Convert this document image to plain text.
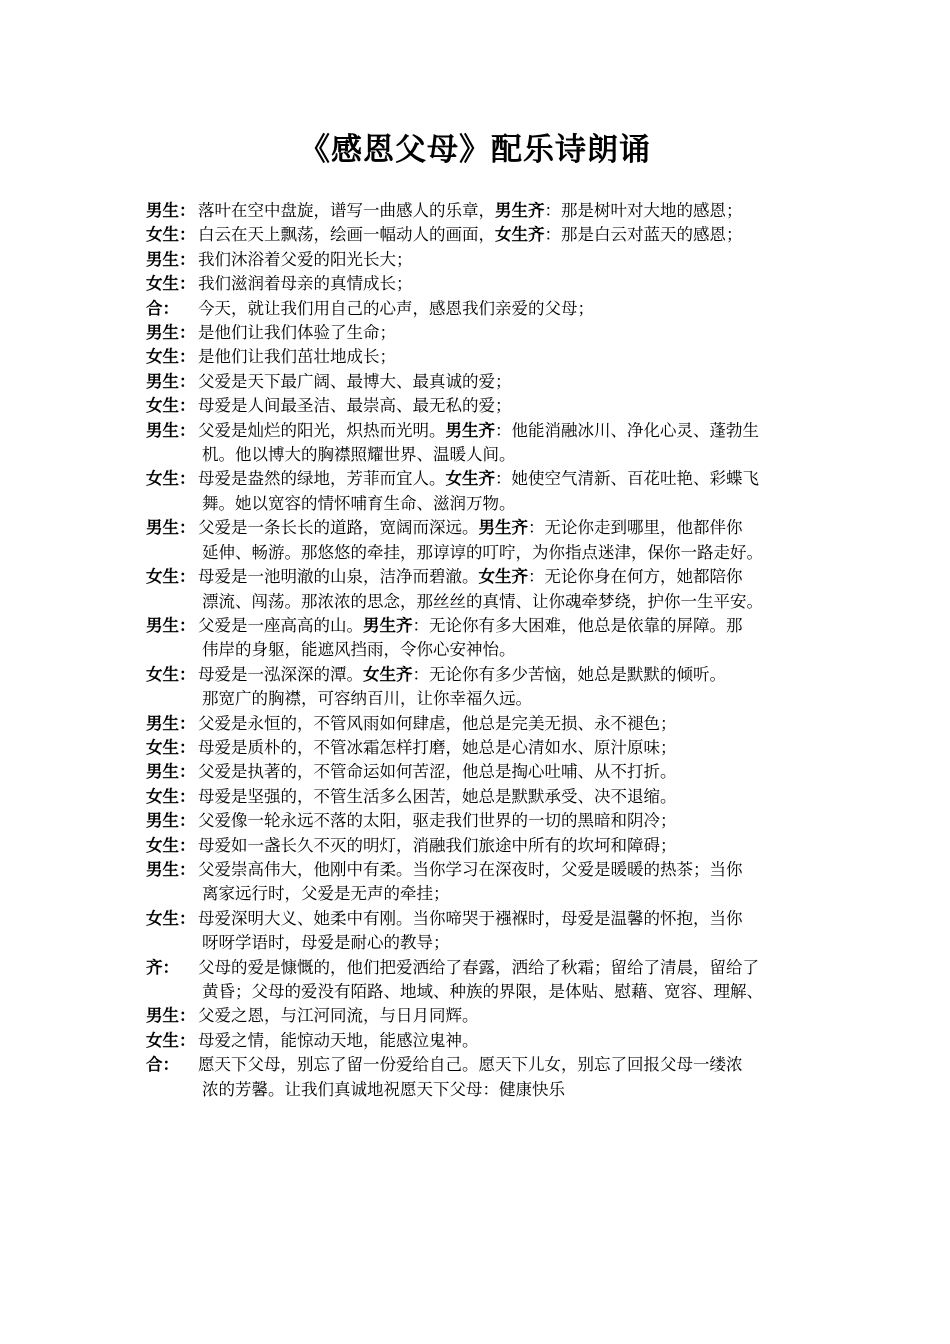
《感恩父母》配乐诗朗诵
男生： 落叶在空中盘旋，谱写一曲感人的乐章，男生齐：那是树叶对大地的感恩；
女生： 白云在天上飘荡，绘画一幅动人的画面，女生齐：那是白云对蓝天的感恩；
男生： 我们沐浴着父爱的阳光长大；
女生： 我们滋润着母亲的真情成长；
合：	今天，就让我们用自己的心声，感恩我们亲爱的父母；
男生： 是他们让我们体验了生命；
女生： 是他们让我们茁壮地成长；
男生： 父爱是天下最广阔、最博大、最真诚的爱；
女生： 母爱是人间最圣洁、最崇高、最无私的爱；
男生： 父爱是灿烂的阳光，炽热而光明。男生齐：他能消融冰川、净化心灵、蓬勃生
机。他以博大的胸襟照耀世界、温暖人间。
女生： 母爱是盎然的绿地，芳菲而宜人。女生齐：她使空气清新、百花吐艳、彩蝶飞
舞。她以宽容的情怀哺育生命、滋润万物。
男生： 父爱是一条长长的道路，宽阔而深远。男生齐：无论你走到哪里，他都伴你
延伸、畅游。那悠悠的牵挂，那谆谆的叮咛，为你指点迷津，保你一路走好。
女生： 母爱是一池明澈的山泉，洁净而碧澈。女生齐：无论你身在何方，她都陪你
漂流、闯荡。那浓浓的思念，那丝丝的真情、让你魂牵梦绕，护你一生平安。
男生： 父爱是一座高高的山。男生齐：无论你有多大困难，他总是依靠的屏障。那
伟岸的身躯，能遮风挡雨，令你心安神怡。
女生： 母爱是一泓深深的潭。女生齐：无论你有多少苦恼，她总是默默的倾听。
那宽广的胸襟，可容纳百川，让你幸福久远。
男生： 父爱是永恒的，不管风雨如何肆虐，他总是完美无损、永不褪色；
女生： 母爱是质朴的，不管冰霜怎样打磨，她总是心清如水、原汁原味；
男生： 父爱是执著的，不管命运如何苦涩，他总是掏心吐哺、从不打折。
女生： 母爱是坚强的，不管生活多么困苦，她总是默默承受、决不退缩。
男生： 父爱像一轮永远不落的太阳，驱走我们世界的一切的黑暗和阴冷；
女生： 母爱如一盏长久不灭的明灯，消融我们旅途中所有的坎坷和障碍；
男生： 父爱崇高伟大，他刚中有柔。当你学习在深夜时，父爱是暖暖的热茶；当你
离家远行时，父爱是无声的牵挂；
女生： 母爱深明大义、她柔中有刚。当你啼哭于襁褓时，母爱是温馨的怀抱，当你
呀呀学语时，母爱是耐心的教导；
齐：	父母的爱是慷慨的，他们把爱洒给了春露，洒给了秋霜；留给了清晨，留给了
黄昏；父母的爱没有陌路、地域、种族的界限，是体贴、慰藉、宽容、理解、
男生： 父爱之恩，与江河同流，与日月同辉。
女生： 母爱之情，能惊动天地，能感泣鬼神。
合：	愿天下父母，别忘了留一份爱给自己。愿天下儿女，别忘了回报父母一缕浓
浓的芳馨。让我们真诚地祝愿天下父母：健康快乐
